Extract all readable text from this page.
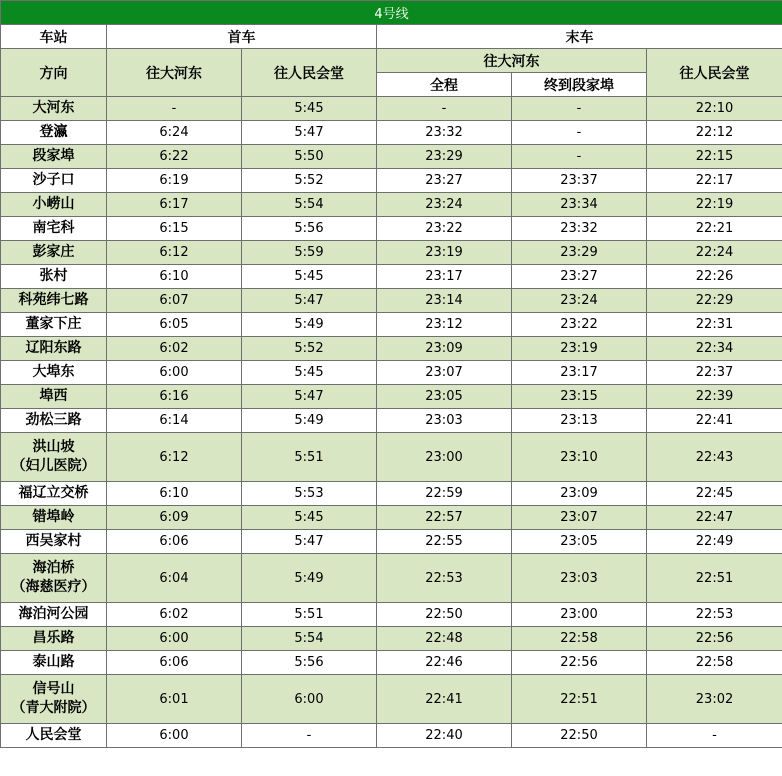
4号线					
车站	首车		末车		
方向	往大河东	往人民会堂	往大河东		往人民会堂
			全程	终到段家埠	

大河东	-	5:45	-	-	22:10

登瀛	6:24	5:47	23:32	-	22:12

段家埠	6:22	5:50	23:29	-	22:15

沙子口	6:19	5:52	23:27	23:37	22:17

小崂山	6:17	5:54	23:24	23:34	22:19

南宅科	6:15	5:56	23:22	23:32	22:21

彭家庄	6:12	5:59	23:19	23:29	22:24

张村	6:10	5:45	23:17	23:27	22:26

科苑纬七路	6:07	5:47	23:14	23:24	22:29

董家下庄	6:05	5:49	23:12	23:22	22:31

辽阳东路	6:02	5:52	23:09	23:19	22:34

大埠东	6:00	5:45	23:07	23:17	22:37

埠西	6:16	5:47	23:05	23:15	22:39

劲松三路	6:14	5:49	23:03	23:13	22:41

洪山坡
（妇儿医院）	6:12	5:51	23:00	23:10	22:43

福辽立交桥	6:10	5:53	22:59	23:09	22:45

错埠岭	6:09	5:45	22:57	23:07	22:47

西吴家村	6:06	5:47	22:55	23:05	22:49

海泊桥
（海慈医疗）	6:04	5:49	22:53	23:03	22:51

海泊河公园	6:02	5:51	22:50	23:00	22:53

昌乐路	6:00	5:54	22:48	22:58	22:56

泰山路	6:06	5:56	22:46	22:56	22:58

信号山
（青大附院）	6:01	6:00	22:41	22:51	23:02

人民会堂	6:00	-	22:40	22:50	-
